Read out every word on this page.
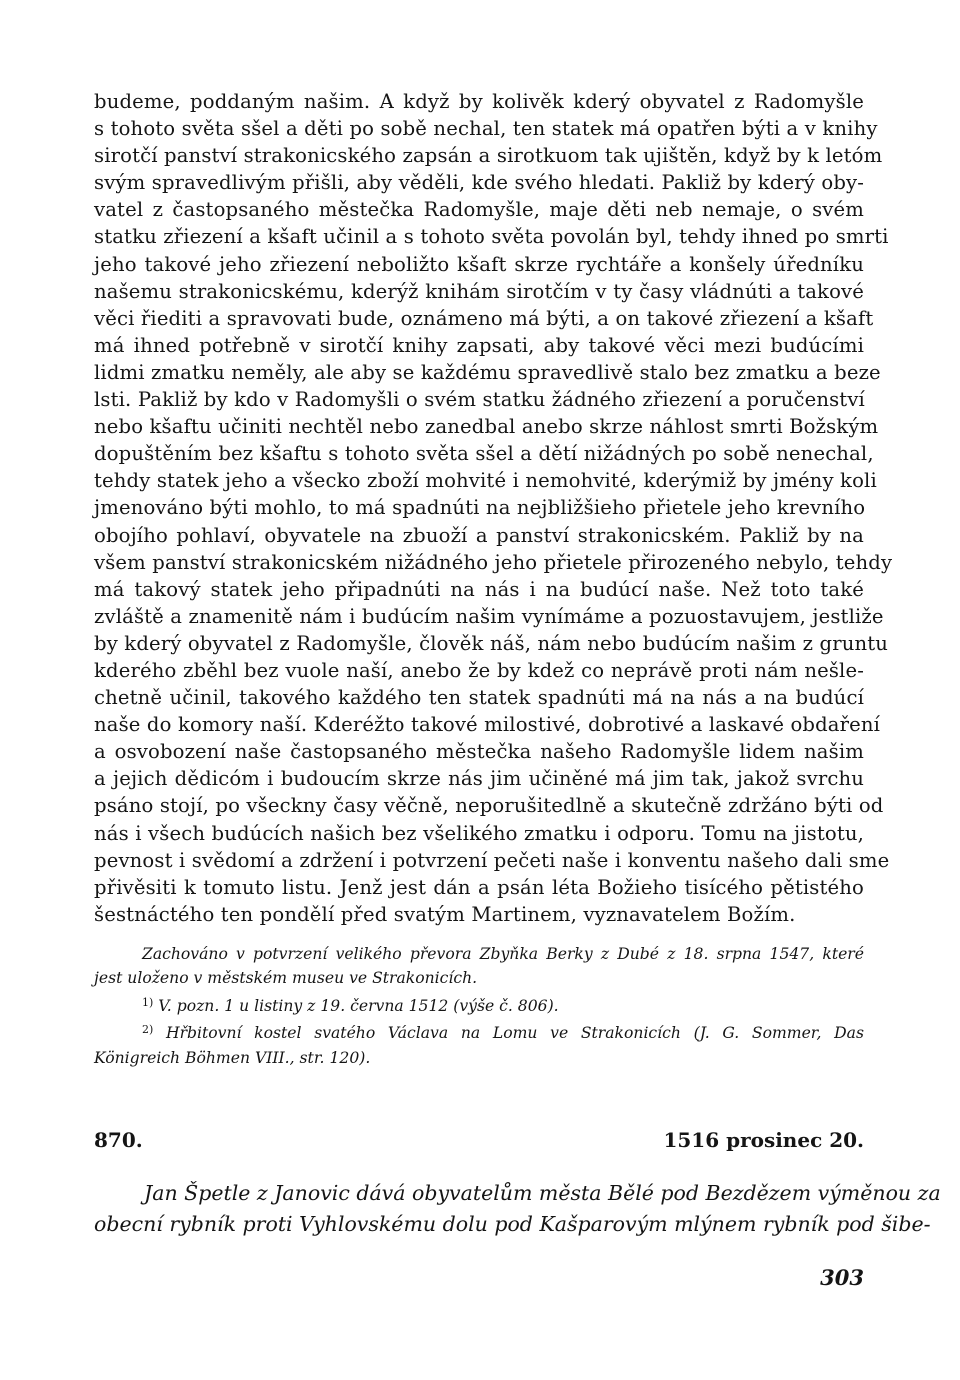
budeme, poddaným našim. A když by kolivěk kderý obyvatel z Radomyšle
s tohoto světa sšel a děti po sobě nechal, ten statek má opatřen býti a v knihy
sirotčí panství strakonicského zapsán a sirotkuom tak ujištěn, když by k letóm
svým spravedlivým přišli, aby věděli, kde svého hledati. Pakliž by kderý oby-
vatel z častopsaného městečka Radomyšle, maje děti neb nemaje, o svém
statku zřiezení a kšaft učinil a s tohoto světa povolán byl, tehdy ihned po smrti
jeho takové jeho zřiezení neboližto kšaft skrze rychtáře a konšely úředníku
našemu strakonicskému, kderýž knihám sirotčím v ty časy vládnúti a takové
věci řiediti a spravovati bude, oznámeno má býti, a on takové zřiezení a kšaft
má ihned potřebně v sirotčí knihy zapsati, aby takové věci mezi budúcími
lidmi zmatku neměly, ale aby se každému spravedlivě stalo bez zmatku a beze
lsti. Pakliž by kdo v Radomyšli o svém statku žádného zřiezení a poručenství
nebo kšaftu učiniti nechtěl nebo zanedbal anebo skrze náhlost smrti Božským
dopuštěním bez kšaftu s tohoto světa sšel a dětí nižádných po sobě nenechal,
tehdy statek jeho a všecko zboží mohvité i nemohvité, kderýmiž by jmény koli
jmenováno býti mohlo, to má spadnúti na nejbližšieho přietele jeho krevního
obojího pohlaví, obyvatele na zbuoží a panství strakonicském. Pakliž by na
všem panství strakonicském nižádného jeho přietele přirozeného nebylo, tehdy
má takový statek jeho připadnúti na nás i na budúcí naše. Než toto také
zvláště a znamenitě nám i budúcím našim vynímáme a pozuostavujem, jestliže
by kderý obyvatel z Radomyšle, člověk náš, nám nebo budúcím našim z gruntu
kderého zběhl bez vuole naší, anebo že by kdež co neprávě proti nám nešle-
chetně učinil, takového každého ten statek spadnúti má na nás a na budúcí
naše do komory naší. Kderéžto takové milostivé, dobrotivé a laskavé obdaření
a osvobození naše častopsaného městečka našeho Radomyšle lidem našim
a jejich dědicóm i budoucím skrze nás jim učiněné má jim tak, jakož svrchu
psáno stojí, po všeckny časy věčně, neporušitedlně a skutečně zdržáno býti od
nás i všech budúcích našich bez všelikého zmatku i odporu. Tomu na jistotu,
pevnost i svědomí a zdržení i potvrzení pečeti naše i konventu našeho dali sme
přivěsiti k tomuto listu. Jenž jest dán a psán léta Božieho tisícého pětistého
šestnáctého ten pondělí před svatým Martinem, vyznavatelem Božím.
Zachováno v potvrzení velikého převora Zbyňka Berky z Dubé z 18. srpna 1547, které
jest uloženo v městském museu ve Strakonicích.
$^{1)}$ V. pozn. 1 u listiny z 19. června 1512 (výše č. 806).
$^{2)}$ Hřbitovní kostel svatého Václava na Lomu ve Strakonicích (J. G. Sommer, Das
Königreich Böhmen VIII., str. 120).
870.	1516 prosinec 20.
Jan Špetle z Janovic dává obyvatelům města Bělé pod Bezdězem výměnou za
obecní rybník proti Vyhlovskému dolu pod Kašparovým mlýnem rybník pod šibe-
303
